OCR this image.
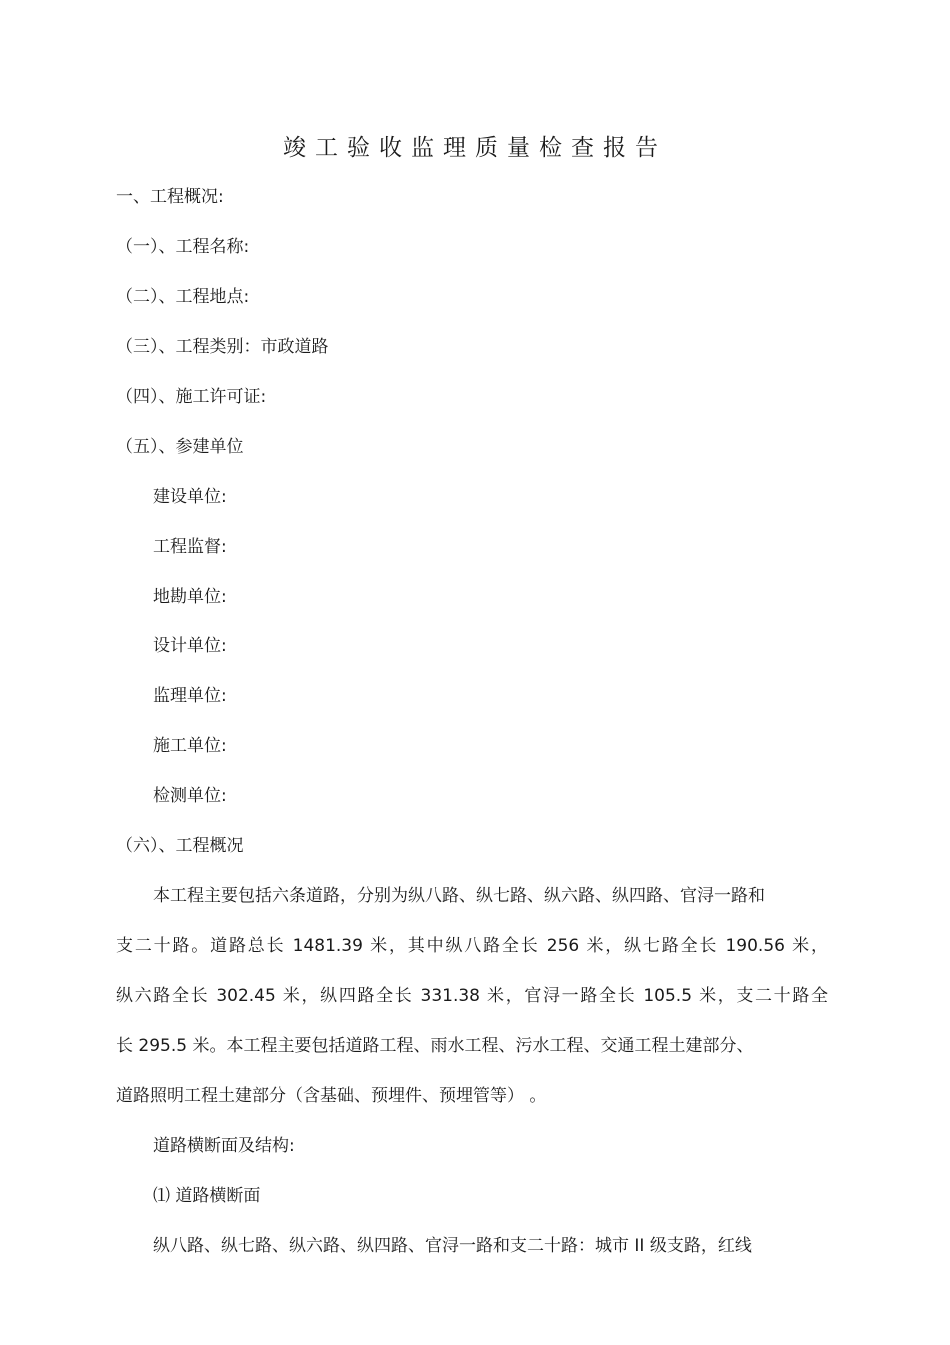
竣工验收监理质量检查报告
一、工程概况:
（一）、工程名称:
（二）、工程地点:
（三）、工程类别：市政道路
（四）、施工许可证:
（五）、参建单位
建设单位:
工程监督:
地勘单位:
设计单位:
监理单位:
施工单位:
检测单位:
（六）、工程概况
本工程主要包括六条道路，分别为纵八路、纵七路、纵六路、纵四路、官浔一路和
支二十路。道路总长 1481.39 米，其中纵八路全长 256 米，纵七路全长 190.56 米，
纵六路全长 302.45 米，纵四路全长 331.38 米，官浔一路全长 105.5 米，支二十路全
长 295.5 米。本工程主要包括道路工程、雨水工程、污水工程、交通工程土建部分、
道路照明工程土建部分（含基础、预埋件、预埋管等） 。
道路横断面及结构:
⑴ 道路横断面
纵八路、纵七路、纵六路、纵四路、官浔一路和支二十路：城市 II 级支路，红线
